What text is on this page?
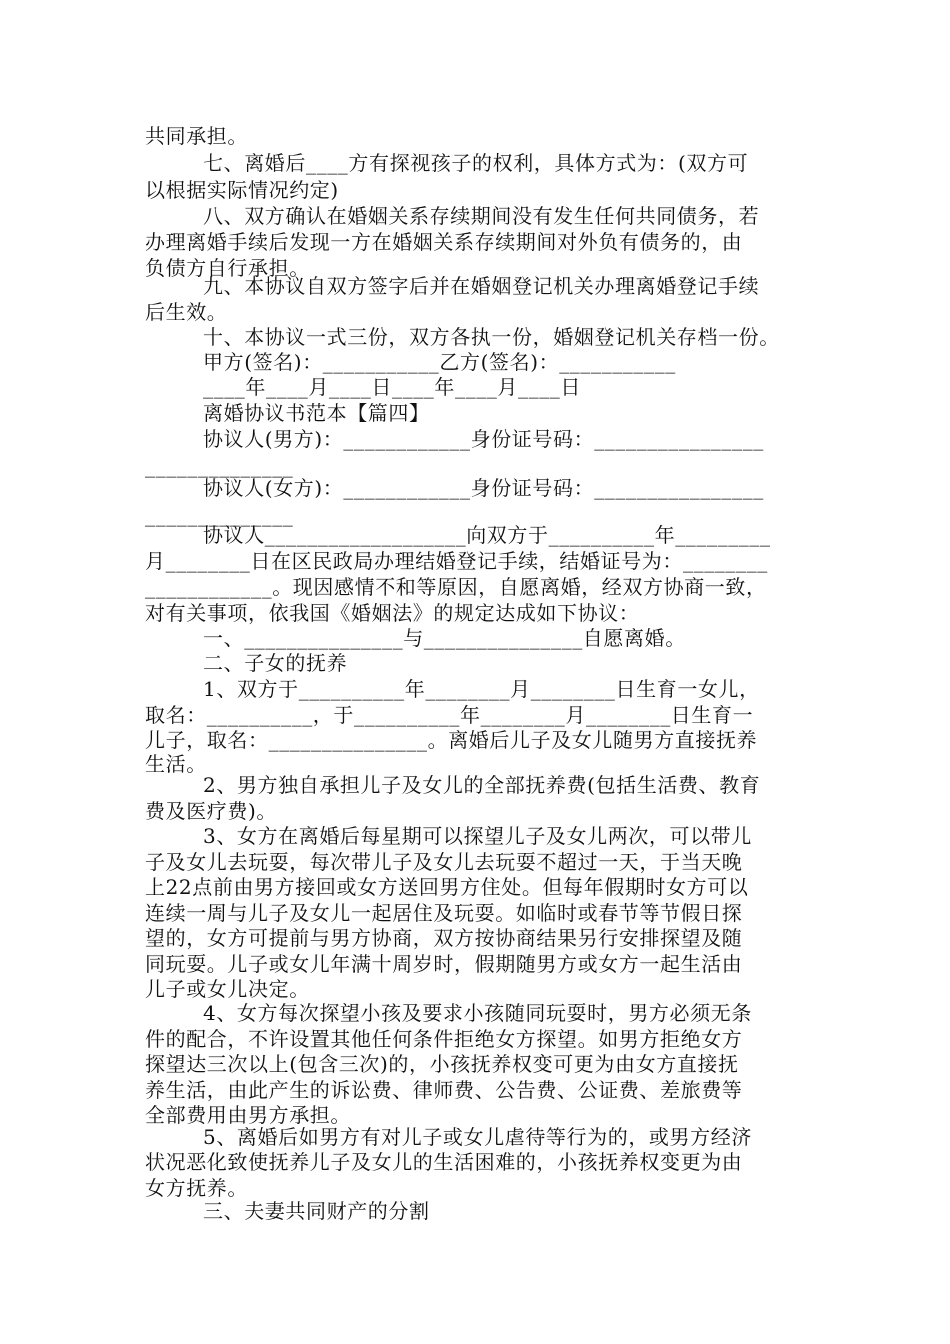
共同承担。
七、离婚后____方有探视孩子的权利，具体方式为：(双方可
以根据实际情况约定)
八、双方确认在婚姻关系存续期间没有发生任何共同债务，若
办理离婚手续后发现一方在婚姻关系存续期间对外负有债务的，由
负债方自行承担。
九、本协议自双方签字后并在婚姻登记机关办理离婚登记手续
后生效。
十、本协议一式三份，双方各执一份，婚姻登记机关存档一份。
甲方(签名)：___________乙方(签名)：___________
____年____月____日____年____月____日
离婚协议书范本【篇四】
协议人(男方)：____________身份证号码：________________
______________
协议人(女方)：____________身份证号码：________________
______________
协议人___________________向双方于__________年_________
月________日在区民政局办理结婚登记手续，结婚证号为：________
____________。现因感情不和等原因，自愿离婚，经双方协商一致，
对有关事项，依我国《婚姻法》的规定达成如下协议：
一、_______________与_______________自愿离婚。
二、子女的抚养
1、双方于__________年________月________日生育一女儿，
取名：__________，于__________年________月________日生育一
儿子，取名：_______________。离婚后儿子及女儿随男方直接抚养
生活。
2、男方独自承担儿子及女儿的全部抚养费(包括生活费、教育
费及医疗费)。
3、女方在离婚后每星期可以探望儿子及女儿两次，可以带儿
子及女儿去玩耍，每次带儿子及女儿去玩耍不超过一天，于当天晚
上22点前由男方接回或女方送回男方住处。但每年假期时女方可以
连续一周与儿子及女儿一起居住及玩耍。如临时或春节等节假日探
望的，女方可提前与男方协商，双方按协商结果另行安排探望及随
同玩耍。儿子或女儿年满十周岁时，假期随男方或女方一起生活由
儿子或女儿决定。
4、女方每次探望小孩及要求小孩随同玩耍时，男方必须无条
件的配合，不许设置其他任何条件拒绝女方探望。如男方拒绝女方
探望达三次以上(包含三次)的，小孩抚养权变可更为由女方直接抚
养生活，由此产生的诉讼费、律师费、公告费、公证费、差旅费等
全部费用由男方承担。
5、离婚后如男方有对儿子或女儿虐待等行为的，或男方经济
状况恶化致使抚养儿子及女儿的生活困难的，小孩抚养权变更为由
女方抚养。
三、夫妻共同财产的分割
